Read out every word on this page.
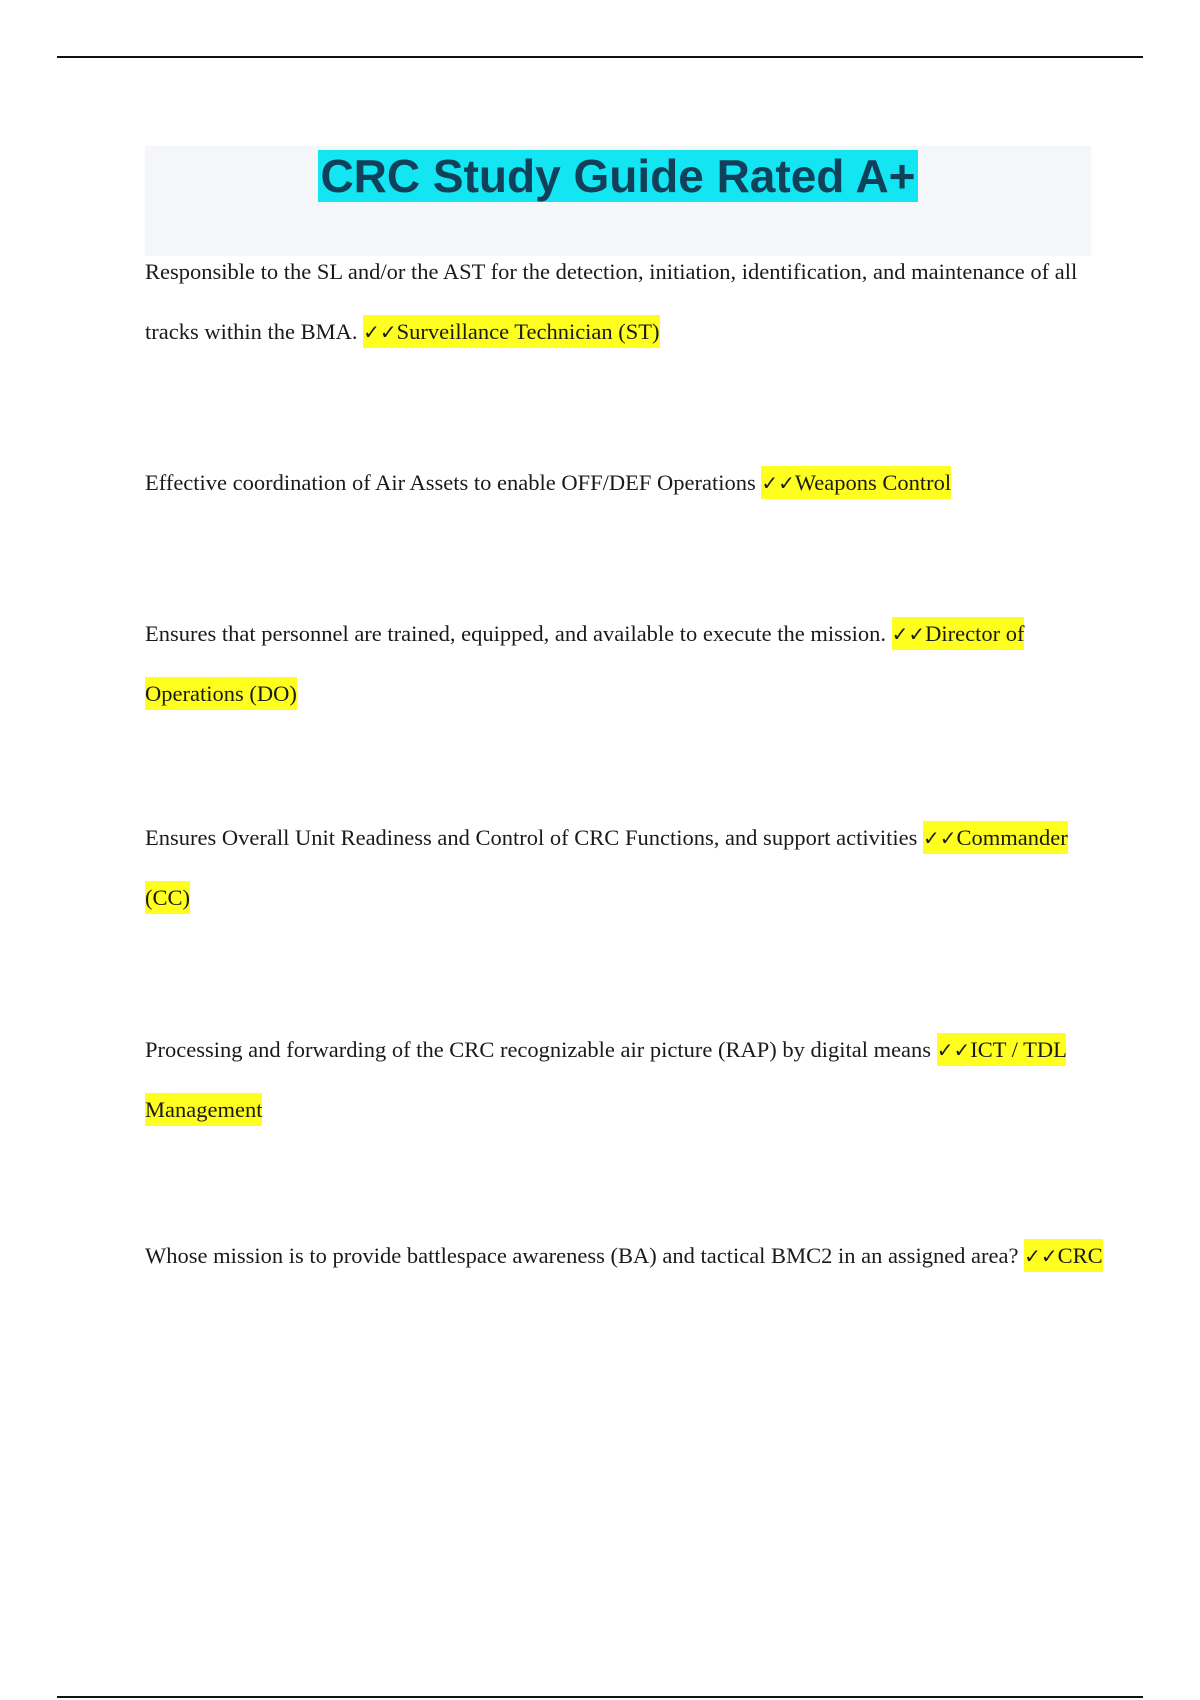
CRC Study Guide Rated A+

Responsible to the SL and/or the AST for the detection, initiation, identification, and maintenance of all tracks within the BMA. ✓✓Surveillance Technician (ST)

Effective coordination of Air Assets to enable OFF/DEF Operations ✓✓Weapons Control

Ensures that personnel are trained, equipped, and available to execute the mission. ✓✓Director of Operations (DO)

Ensures Overall Unit Readiness and Control of CRC Functions, and support activities ✓✓Commander (CC)

Processing and forwarding of the CRC recognizable air picture (RAP) by digital means ✓✓ICT / TDL Management

Whose mission is to provide battlespace awareness (BA) and tactical BMC2 in an assigned area? ✓✓CRC
